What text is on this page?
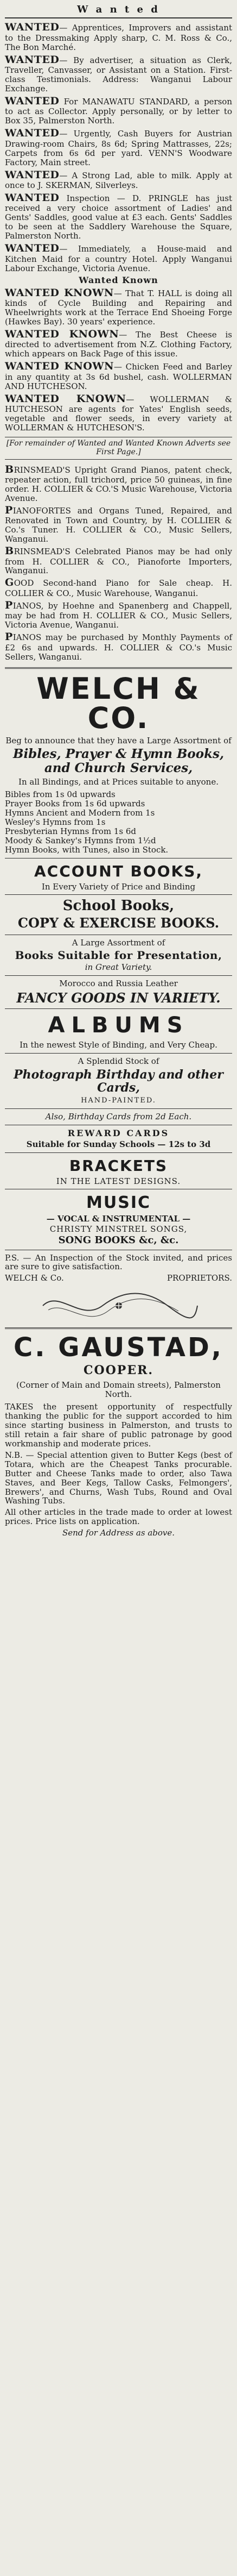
W a n t e d

WANTED— Apprentices, Improvers and assistant to the Dressmaking Apply sharp, C. M. Ross & Co., The Bon Marché.

WANTED— By advertiser, a situation as Clerk, Traveller, Canvasser, or Assistant on a Station. First-class Testimonials. Address: Wanganui Labour Exchange.

WANTED For MANAWATU STANDARD, a person to act as Collector. Apply personally, or by letter to Box 35, Palmerston North.

WANTED— Urgently, Cash Buyers for Austrian Drawing-room Chairs, 8s 6d; Spring Mattrasses, 22s; Carpets from 6s 6d per yard. VENN'S Woodware Factory, Main street.

WANTED— A Strong Lad, able to milk. Apply at once to J. SKERMAN, Silverleys.

WANTED Inspection — D. PRINGLE has just received a very choice assortment of Ladies' and Gents' Saddles, good value at £3 each. Gents' Saddles to be seen at the Saddlery Warehouse the Square, Palmerston North.

WANTED— Immediately, a House-maid and Kitchen Maid for a country Hotel. Apply Wanganui Labour Exchange, Victoria Avenue.

Wanted Known

WANTED KNOWN— That T. HALL is doing all kinds of Cycle Building and Repairing and Wheelwrights work at the Terrace End Shoeing Forge (Hawkes Bay). 30 years' experience.

WANTED KNOWN— The Best Cheese is directed to advertisement from N.Z. Clothing Factory, which appears on Back Page of this issue.

WANTED KNOWN— Chicken Feed and Barley in any quantity at 3s 6d bushel, cash. WOLLERMAN AND HUTCHESON.

WANTED KNOWN— WOLLERMAN & HUTCHESON are agents for Yates' English seeds, vegetable and flower seeds, in every variety at WOLLERMAN & HUTCHESON'S.

[For remainder of Wanted and Wanted Known Adverts see First Page.]

BRINSMEAD'S Upright Grand Pianos, patent check, repeater action, full trichord, price 50 guineas, in fine order. H. COLLIER & CO.'S Music Warehouse, Victoria Avenue.

PIANOFORTES and Organs Tuned, Repaired, and Renovated in Town and Country, by H. COLLIER & Co.'s Tuner. H. COLLIER & CO., Music Sellers, Wanganui.

BRINSMEAD'S Celebrated Pianos may be had only from H. COLLIER & CO., Pianoforte Importers, Wanganui.

GOOD Second-hand Piano for Sale cheap. H. COLLIER & CO., Music Warehouse, Wanganui.

PIANOS, by Hoehne and Spanenberg and Chappell, may be had from H. COLLIER & CO., Music Sellers, Victoria Avenue, Wanganui.

PIANOS may be purchased by Monthly Payments of £2 6s and upwards. H. COLLIER & CO.'s Music Sellers, Wanganui.

WELCH & CO.

Beg to announce that they have a Large Assortment of

Bibles, Prayer & Hymn Books, and Church Services,

In all Bindings, and at Prices suitable to anyone.

Bibles from 1s 0d upwards
Prayer Books from 1s 6d upwards
Hymns Ancient and Modern from 1s
Wesley's Hymns from 1s
Presbyterian Hymns from 1s 6d
Moody & Sankey's Hymns from 1½d
Hymn Books, with Tunes, also in Stock.
ACCOUNT BOOKS,

In Every Variety of Price and Binding

School Books,
COPY & EXERCISE BOOKS.

A Large Assortment of

Books Suitable for Presentation,

in Great Variety.

Morocco and Russia Leather

FANCY GOODS IN VARIETY.
ALBUMS

In the newest Style of Binding, and Very Cheap.

A Splendid Stock of

Photograph Birthday and other Cards,

HAND-PAINTED.

Also, Birthday Cards from 2d Each.

REWARD CARDS

Suitable for Sunday Schools — 12s to 3d

BRACKETS

IN THE LATEST DESIGNS.

MUSIC

— VOCAL & INSTRUMENTAL —

CHRISTY MINSTREL SONGS,

SONG BOOKS &c, &c.

P.S. — An Inspection of the Stock invited, and prices are sure to give satisfaction.

WELCH & Co.	PROPRIETORS.
C. GAUSTAD,
COOPER.

(Corner of Main and Domain streets), Palmerston North.

TAKES the present opportunity of respectfully thanking the public for the support accorded to him since starting business in Palmerston, and trusts to still retain a fair share of public patronage by good workmanship and moderate prices.

N.B. — Special attention given to Butter Kegs (best of Totara, which are the Cheapest Tanks procurable. Butter and Cheese Tanks made to order, also Tawa Staves, and Beer Kegs, Tallow Casks, Felmongers', Brewers', and Churns, Wash Tubs, Round and Oval Washing Tubs.

All other articles in the trade made to order at lowest prices. Price lists on application.

Send for Address as above.
